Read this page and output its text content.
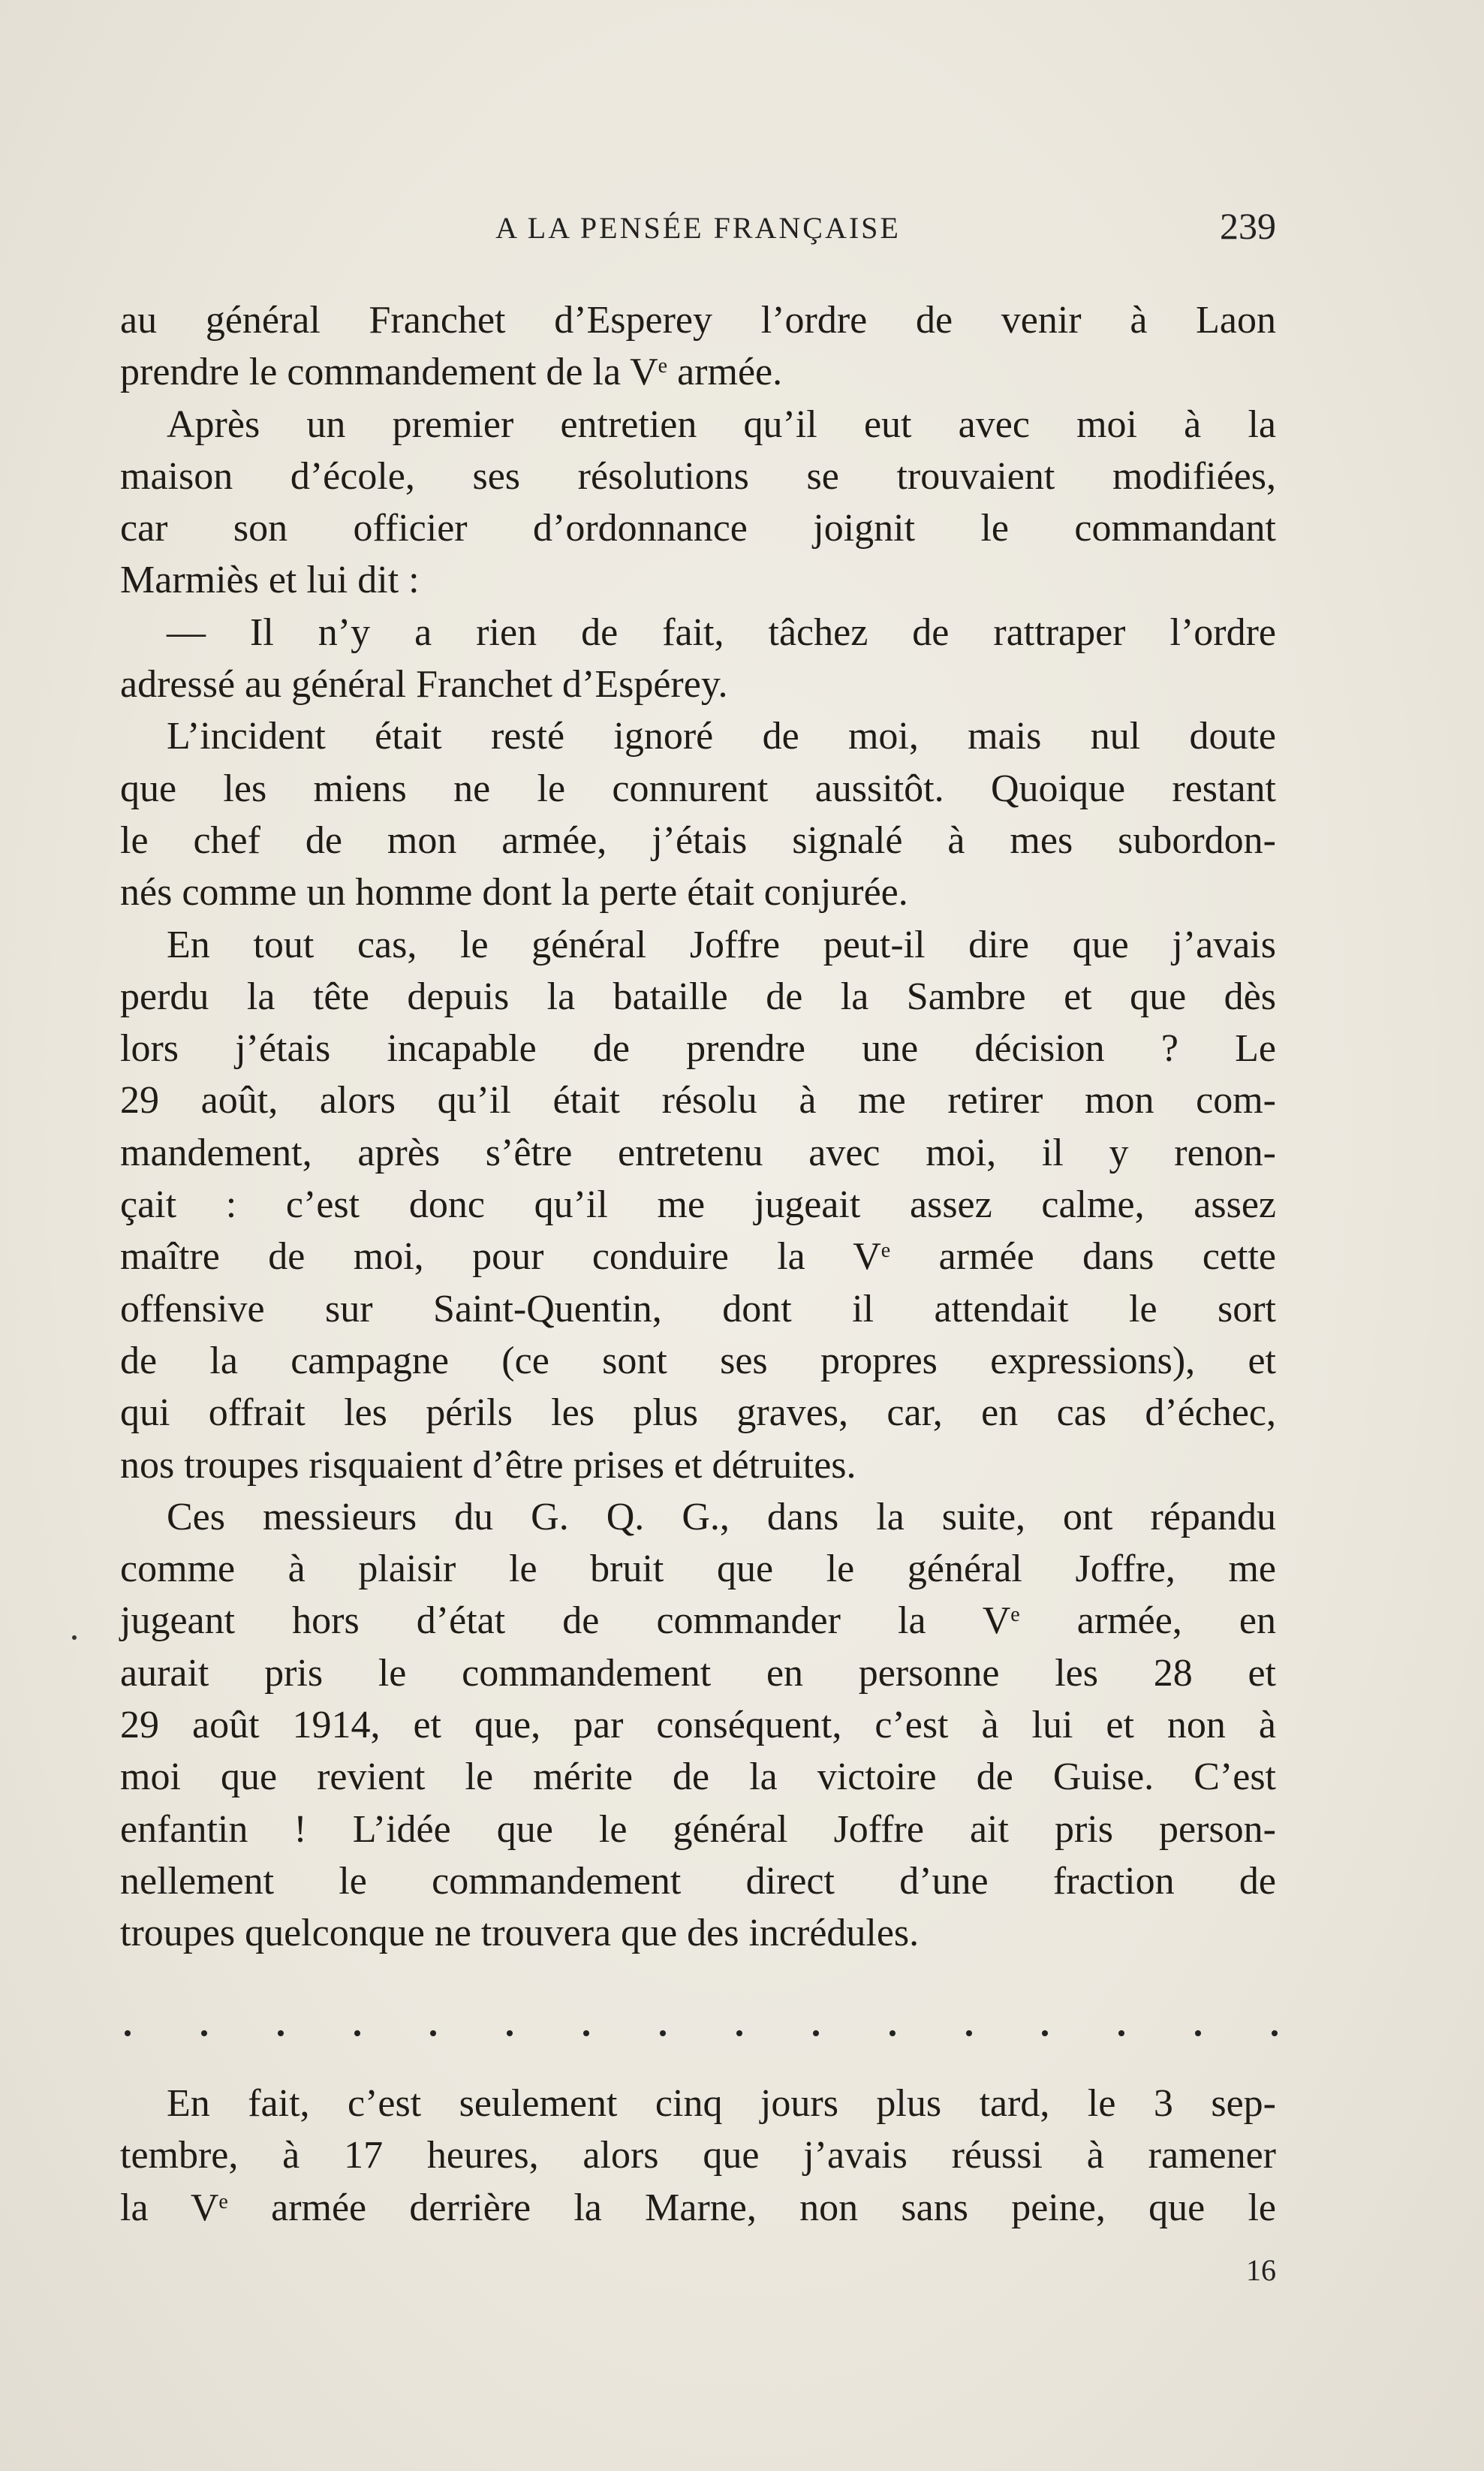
A LA PENSÉE FRANÇAISE	239
au général Franchet d’Esperey l’ordre de venir à Laon
prendre le commandement de la Ve armée.
Après un premier entretien qu’il eut avec moi à la
maison d’école, ses résolutions se trouvaient modifiées,
car son officier d’ordonnance joignit le commandant
Marmiès et lui dit :
— Il n’y a rien de fait, tâchez de rattraper l’ordre
adressé au général Franchet d’Espérey.
L’incident était resté ignoré de moi, mais nul doute
que les miens ne le connurent aussitôt. Quoique restant
le chef de mon armée, j’étais signalé à mes subordon-
nés comme un homme dont la perte était conjurée.
En tout cas, le général Joffre peut-il dire que j’avais
perdu la tête depuis la bataille de la Sambre et que dès
lors j’étais incapable de prendre une décision ? Le
29 août, alors qu’il était résolu à me retirer mon com-
mandement, après s’être entretenu avec moi, il y renon-
çait : c’est donc qu’il me jugeait assez calme, assez
maître de moi, pour conduire la Ve armée dans cette
offensive sur Saint-Quentin, dont il attendait le sort
de la campagne (ce sont ses propres expressions), et
qui offrait les périls les plus graves, car, en cas d’échec,
nos troupes risquaient d’être prises et détruites.
Ces messieurs du G. Q. G., dans la suite, ont répandu
comme à plaisir le bruit que le général Joffre, me
jugeant hors d’état de commander la Ve armée, en
aurait pris le commandement en personne les 28 et
29 août 1914, et que, par conséquent, c’est à lui et non à
moi que revient le mérite de la victoire de Guise. C’est
enfantin ! L’idée que le général Joffre ait pris person-
nellement le commandement direct d’une fraction de
troupes quelconque ne trouvera que des incrédules.
En fait, c’est seulement cinq jours plus tard, le 3 sep-
tembre, à 17 heures, alors que j’avais réussi à ramener
la Ve armée derrière la Marne, non sans peine, que le
16
